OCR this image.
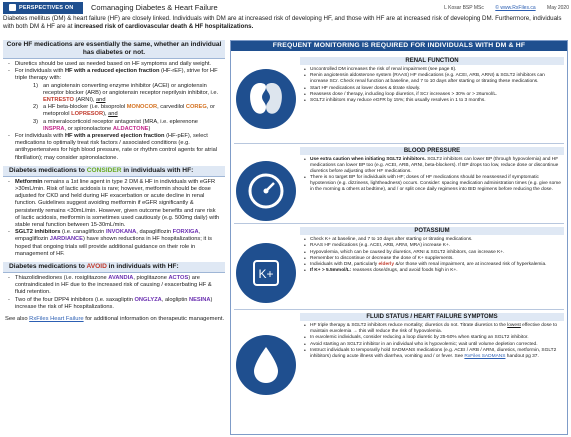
PERSPECTIVES ON	Comanaging Diabetes & Heart Failure	L Kosar BSP MSc © www.RxFiles.ca May 2020
Diabetes mellitus (DM) & heart failure (HF) are closely linked. Individuals with DM are at increased risk of developing HF, and those with HF are at increased risk of developing DM. Furthermore, individuals with both DM & HF are at increased risk of cardiovascular death & HF hospitalizations.
Core HF medications are essentially the same, whether an individual has diabetes or not.
- Diuretics should be used as needed based on HF symptoms and daily weight.
- For individuals with HF with a reduced ejection fraction (HF-rEF), strive for HF triple therapy with:
1) an angiotensin converting enzyme inhibitor (ACEI) or angiotensin receptor blocker (ARB) or angiotensin receptor neprilysin inhibitor, i.e. ENTRESTO (ARNI), and
2) a HF beta-blocker (i.e. bisoprolol MONOCOR, carvedilol COREG, or metoprolol LOPRESOR), and
3) a mineralocorticoid receptor antagonist (MRA, i.e. eplerenone INSPRA, or spironolactone ALDACTONE)
- For individuals with HF with a preserved ejection fraction (HF-pEF), select medications to optimally treat risk factors / associated conditions (e.g. antihypertensives for high blood pressure, rate or rhythm control agents for atrial fibrillation); may consider spironolactone.
Diabetes medications to CONSIDER in individuals with HF:
- Metformin remains a 1st line agent in type 2 DM & HF in individuals with eGFR >30mL/min. Risk of lactic acidosis is rare; however, metformin should be dose adjusted for CKD and held during HF exacerbation or acute decline in renal function. Guidelines suggest avoiding metformin if eGFR significantly & persistently remains <30mL/min. However, given outcome benefits and rare risk of lactic acidosis, metformin is sometimes used cautiously (e.g. 500mg daily) with stable renal function between 15-30mL/min.
- SGLT2 inhibitors (i.e. canagliflozin INVOKANA, dapagliflozin FORXIGA, empagliflozin JARDIANCE) have shown reductions in HF hospitalizations; it is hoped that ongoing trials will provide additional guidance on their role in management of HF.
Diabetes medications to AVOID in individuals with HF:
- Thiazolidinediones (i.e. rosiglitazone AVANDIA, pioglitazone ACTOS) are contraindicated in HF due to the increased risk of causing / exacerbating HF & fluid retention.
- Two of the four DPP4 inhibitors (i.e. saxagliptin ONGLYZA, alogliptin NESINA) increase the risk of HF hospitalizations.
See also RxFiles Heart Failure for additional information on therapeutic management.
FREQUENT MONITORING IS REQUIRED FOR INDIVIDUALS WITH DM & HF
RENAL FUNCTION
• Uncontrolled DM increases the risk of renal impairment (see page 8).
• Renin angiotensin aldosterone system (RAAS) HF medications (e.g. ACEI, ARB, ARNI) & SGLT2 inhibitors can increase SCr. Check renal function at baseline, and 7 to 10 days after starting or titrating these medications.
• Start HF medications at lower doses & titrate slowly.
• Reassess dose / therapy, including loop diuretics, if SCr increases > 30% or > 26umol/L.
• SGLT2 inhibitors may reduce eGFR by 15%; this usually resolves in 1 to 3 months.
BLOOD PRESSURE
• Use extra caution when initiating SGLT2 inhibitors. SGLT2 inhibitors can lower BP (through hypovolemia) and HF medications can lower BP too (e.g. ACEI, ARB, ARNI, beta-blockers). If BP drops too low, reduce dose or discontinue diuretics before adjusting other HF medications.
• There is no target BP for individuals with HF; doses of HF medications should be reassessed if symptomatic hypotension (e.g. dizziness, lightheadness) occurs. Consider: spacing medication administration times (e.g. give some in the morning & others at bedtime), and / or split once daily regimens into BID regimens before reducing the dose.
K+
POTASSIUM
• Check K+ at baseline, and 7 to 10 days after starting or titrating medications.
• RAAS HF medications (e.g. ACEI, ARB, ARNI, MRA) increase K+.
• Hypovolemia, which can be caused by diuretics, ARNI & SGLT2 inhibitors, can increase K+.
• Remember to discontinue or decrease the dose of K+ supplements.
• Individuals with DM, particularly elderly &/or those with renal impairment, are at increased risk of hyperkalemia.
• If K+ > 5.5mmol/L: reassess dose/drugs, and avoid foods high in K+.
FLUID STATUS / HEART FAILURE SYMPTOMS
• HF triple therapy & SGLT2 inhibitors reduce mortality; diuretics do not. Titrate diuretics to the lowest effective dose to maintain euvolemia → this will reduce the risk of hypovolemia.
• In euvolemic individuals, consider reducing a loop diuretic by 25-50% when starting an SGLT2 inhibitor.
• Avoid starting an SGLT2 inhibitor in an individual who is hypovolemic; wait until volume depletion corrected.
• Instruct individuals to temporarily hold SADMANS medications (e.g. ACEI / ARB / ARNI, diuretics, metformin, SGLT2 inhibitors) during acute illness with diarrhea, vomiting and / or fever. See RxFiles SADMANS handout pg 37.
